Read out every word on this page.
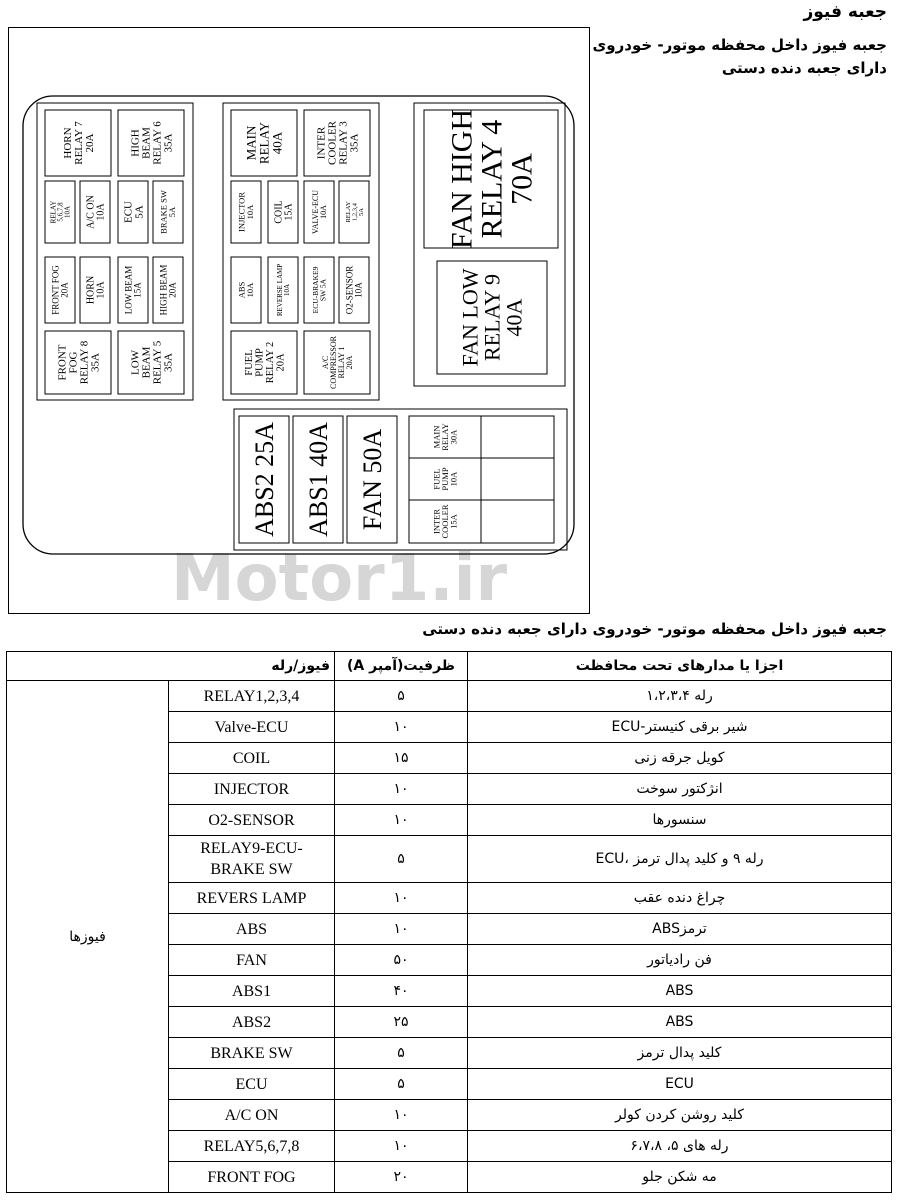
جعبه فیوز
جعبه فیوز داخل محفظه موتور- خودروی دارای جعبه دنده دستی
Motor1.ir
HORNRELAY 720A	HIGHBEAMRELAY 635A
RELAY5,6,7,810A A/C ON10A ECU5A BRAKE SW5A
FRONT FOG20A HORN10A LOW BEAM15A HIGH BEAM20A
FRONTFOGRELAY 835A	LOWBEAMRELAY 535A
MAINRELAY40A	INTERCOOLERRELAY 335A
INJECTOR10A COIL15A VALVE-ECU10A	RELAY1,2,3,45A
ABS10A	REVERSE LAMP10A	ECU-BRAKE9SW 5A O2-SENSOR10A
FUELPUMPRELAY 220A	A/CCOMPRESSORRELAY 120A
FAN HIGHRELAY 470A
FAN LOWRELAY 940A
ABS2 25A ABS1 40A FAN 50A	MAINRELAY30A
FUELPUMP10A
INTERCOOLER15A
جعبه فیوز داخل محفظه موتور- خودروی دارای جعبه دنده دستی
	فیوز/رله	ظرفیت(آمپر A)	اجزا یا مدارهای تحت محافظت
فیوزها	RELAY1,2,3,4	۵	رله ۱،۲،۳،۴
	Valve-ECU	۱۰	شیر برقی کنیستر-ECU
	COIL	۱۵	کویل جرقه زنی
	INJECTOR	۱۰	انژکتور سوخت
	O2-SENSOR	۱۰	سنسورها
	RELAY9-ECU-
BRAKE SW	۵	رله ۹ و کلید پدال ترمز ،ECU
	REVERS LAMP	۱۰	چراغ دنده عقب
	ABS	۱۰	ترمزABS
	FAN	۵۰	فن رادیاتور
	ABS1	۴۰	ABS
	ABS2	۲۵	ABS
	BRAKE SW	۵	کلید پدال ترمز
	ECU	۵	ECU
	A/C ON	۱۰	کلید روشن کردن کولر
	RELAY5,6,7,8	۱۰	رله های ۵، ۶،۷،۸
	FRONT FOG	۲۰	مه شکن جلو
